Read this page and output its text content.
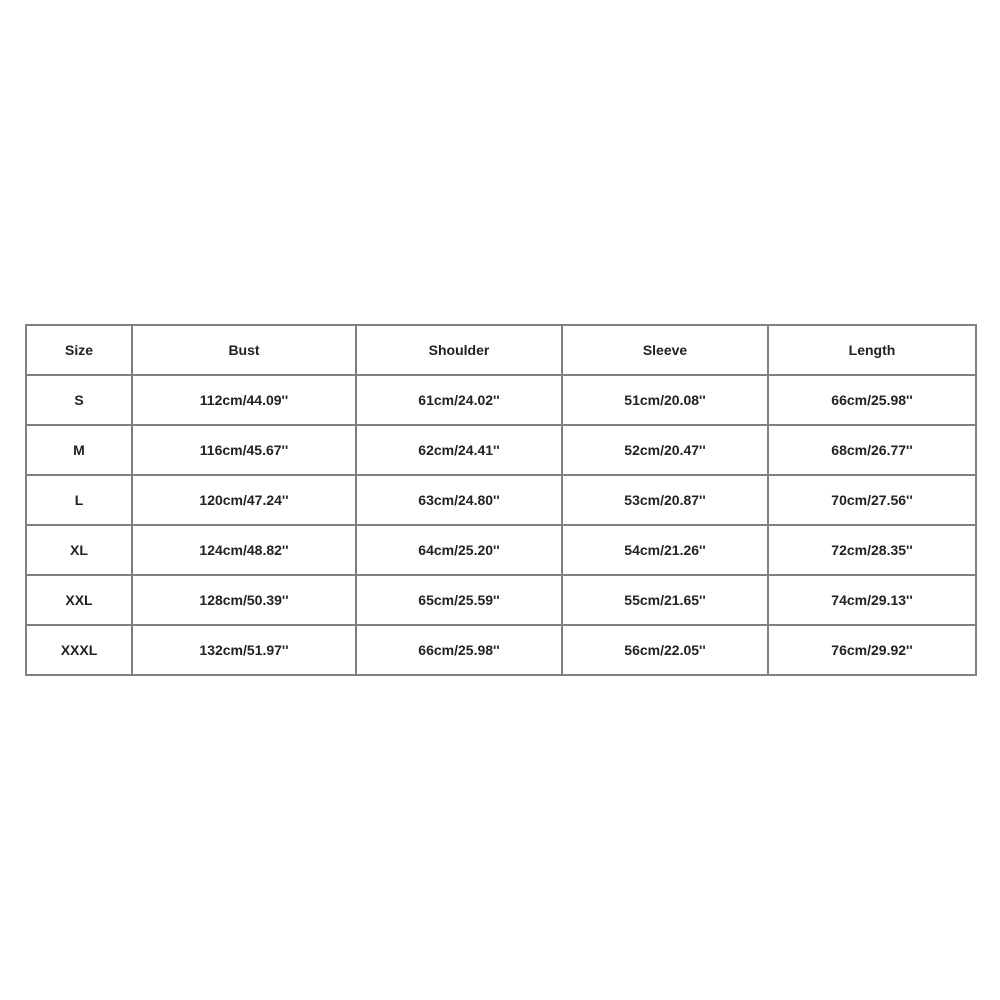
Size	Bust	Shoulder	Sleeve	Length
S	112cm/44.09''	61cm/24.02''	51cm/20.08''	66cm/25.98''
M	116cm/45.67''	62cm/24.41''	52cm/20.47''	68cm/26.77''
L	120cm/47.24''	63cm/24.80''	53cm/20.87''	70cm/27.56''
XL	124cm/48.82''	64cm/25.20''	54cm/21.26''	72cm/28.35''
XXL	128cm/50.39''	65cm/25.59''	55cm/21.65''	74cm/29.13''
XXXL	132cm/51.97''	66cm/25.98''	56cm/22.05''	76cm/29.92''
